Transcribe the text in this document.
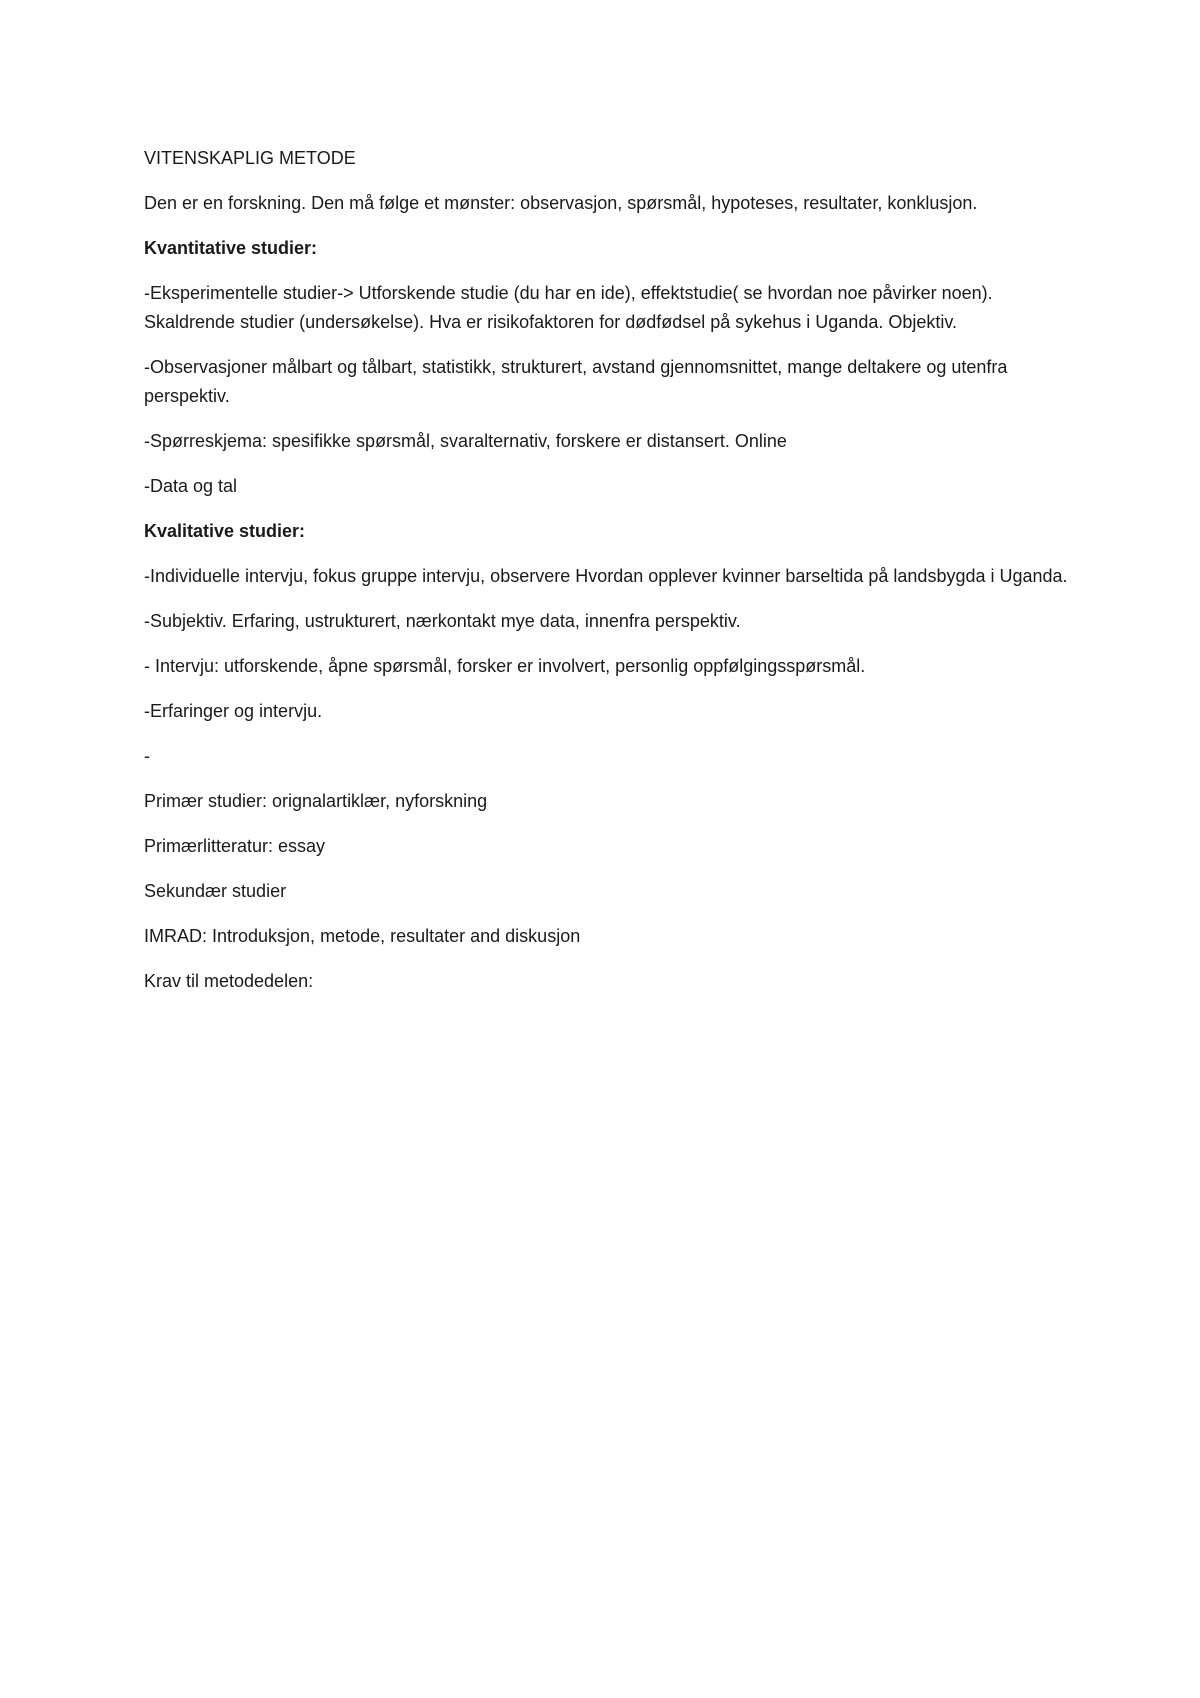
VITENSKAPLIG METODE

Den er en forskning. Den må følge et mønster: observasjon, spørsmål, hypoteses, resultater, konklusjon.

Kvantitative studier:

-Eksperimentelle studier-> Utforskende studie (du har en ide), effektstudie( se hvordan noe påvirker noen). Skaldrende studier (undersøkelse). Hva er risikofaktoren for dødfødsel på sykehus i Uganda. Objektiv.

-Observasjoner målbart og tålbart, statistikk, strukturert, avstand gjennomsnittet, mange deltakere og utenfra perspektiv.

-Spørreskjema: spesifikke spørsmål, svaralternativ, forskere er distansert. Online

-Data og tal

Kvalitative studier:

-Individuelle intervju, fokus gruppe intervju, observere Hvordan opplever kvinner barseltida på landsbygda i Uganda.

-Subjektiv. Erfaring, ustrukturert, nærkontakt mye data, innenfra perspektiv.

- Intervju: utforskende, åpne spørsmål, forsker er involvert, personlig oppfølgingsspørsmål.

-Erfaringer og intervju.

-

Primær studier: orignalartiklær, nyforskning

Primærlitteratur: essay

Sekundær studier

IMRAD: Introduksjon, metode, resultater and diskusjon

Krav til metodedelen:
